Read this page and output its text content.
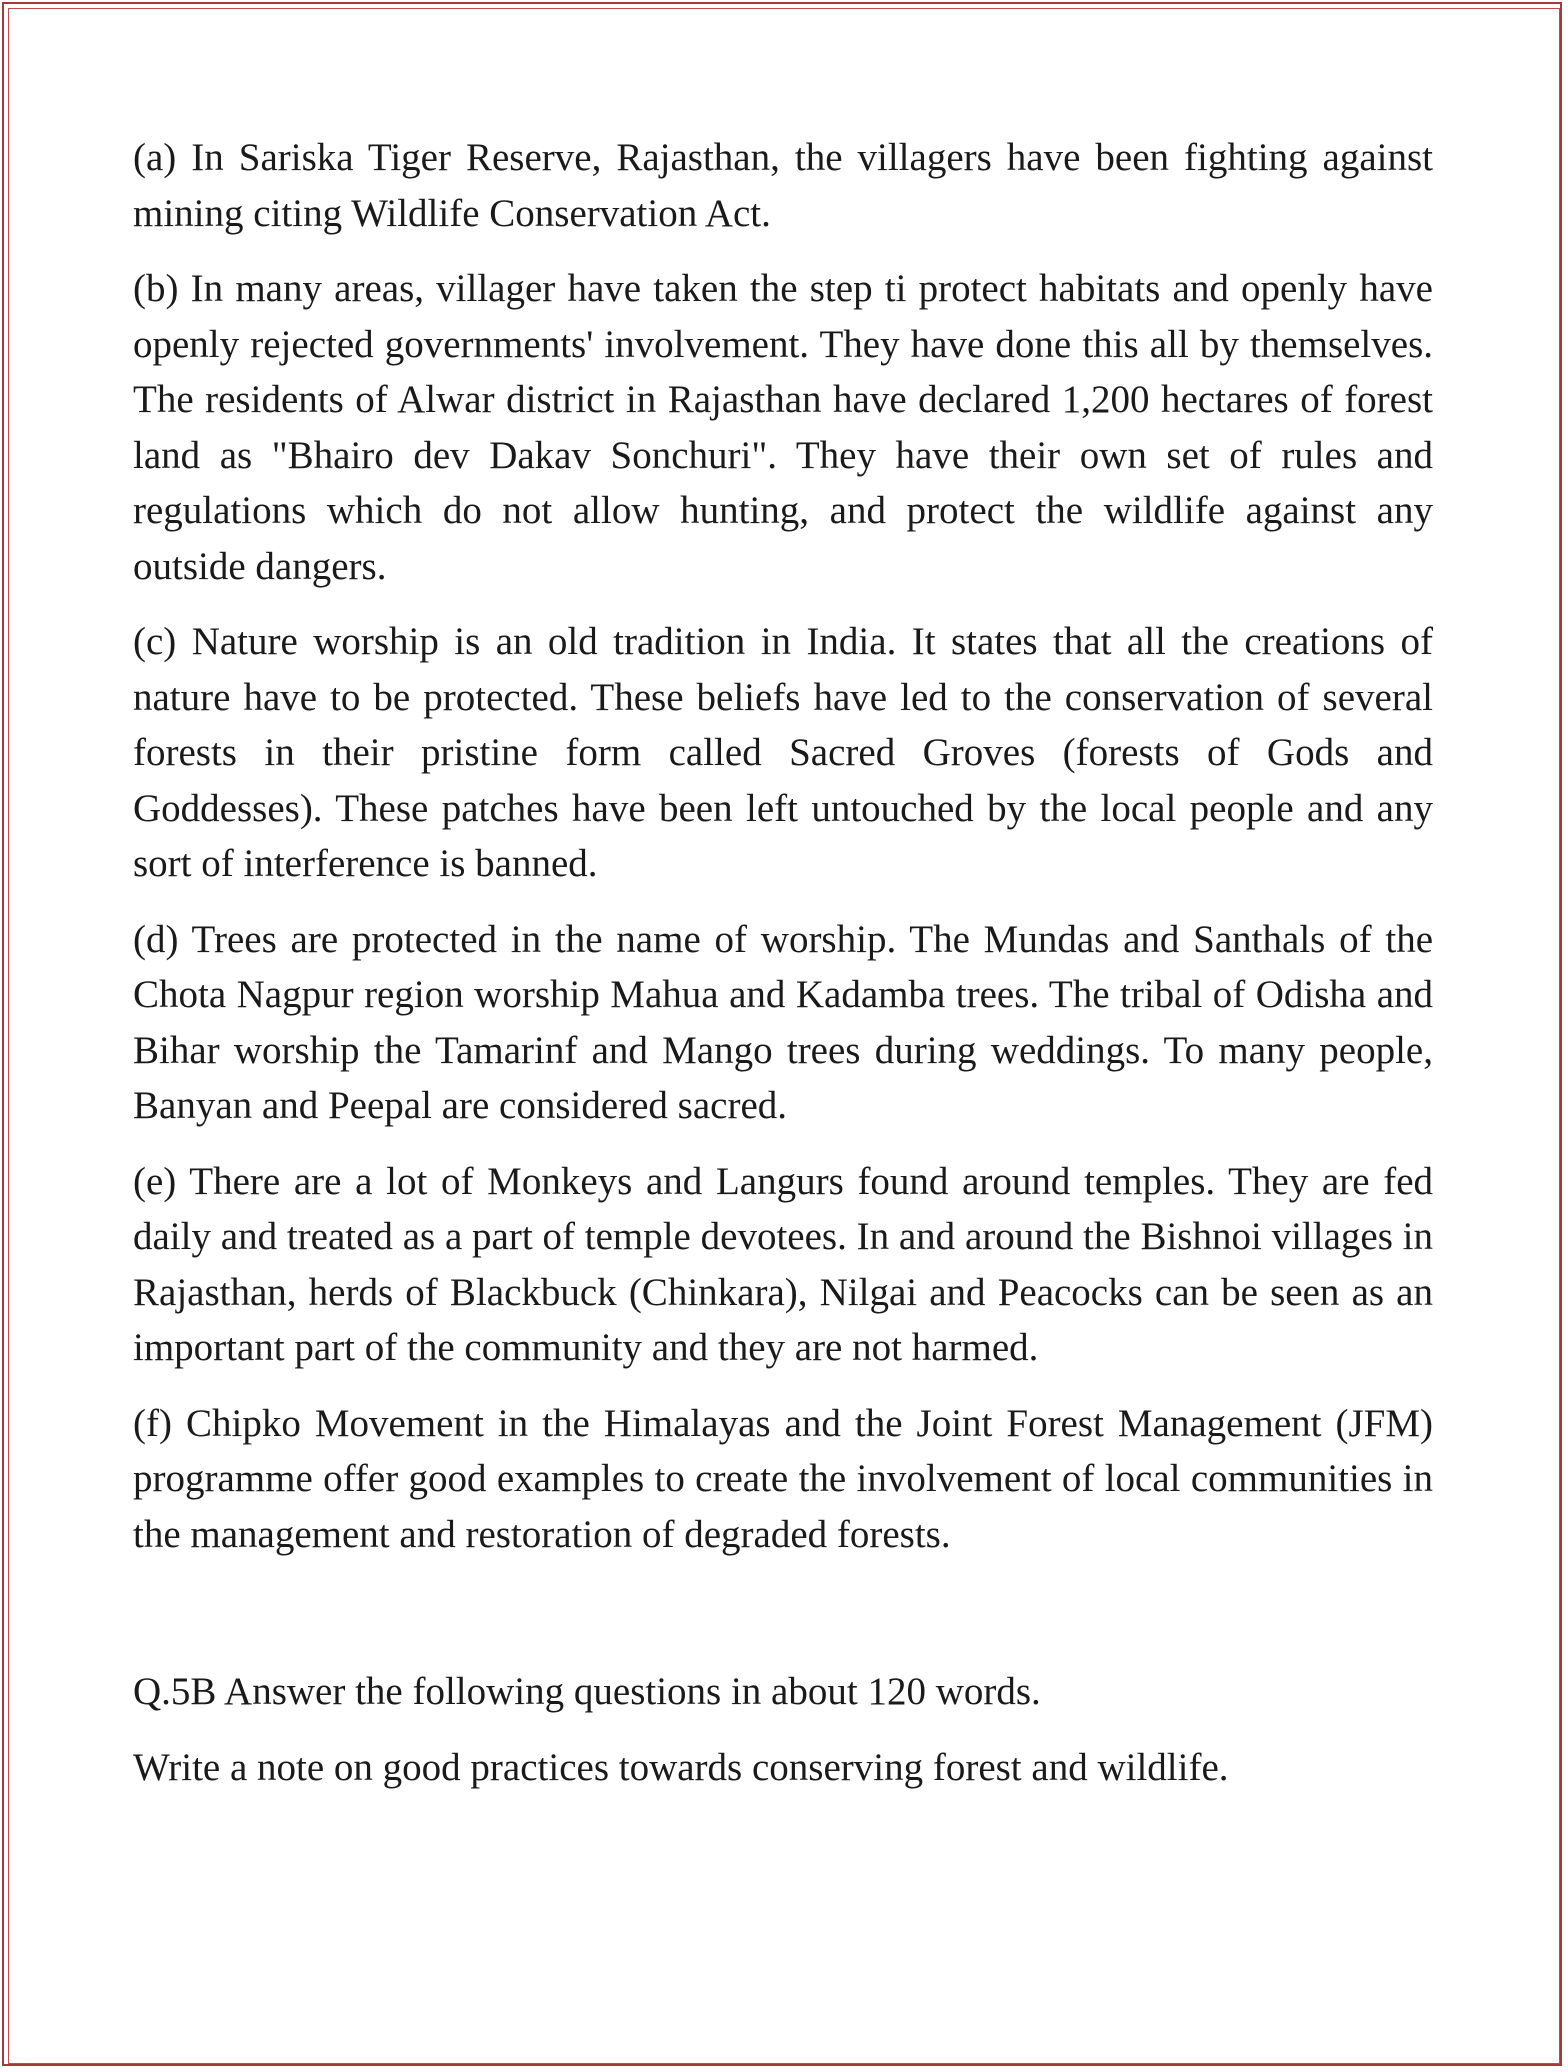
(a) In Sariska Tiger Reserve, Rajasthan, the villagers have been fighting against mining citing Wildlife Conservation Act.

(b) In many areas, villager have taken the step ti protect habitats and openly have openly rejected governments' involvement. They have done this all by themselves. The residents of Alwar district in Rajasthan have declared 1,200 hectares of forest land as "Bhairo dev Dakav Sonchuri". They have their own set of rules and regulations which do not allow hunting, and protect the wildlife against any outside dangers.

(c) Nature worship is an old tradition in India. It states that all the creations of nature have to be protected. These beliefs have led to the conservation of several forests in their pristine form called Sacred Groves (forests of Gods and Goddesses). These patches have been left untouched by the local people and any sort of interference is banned.

(d) Trees are protected in the name of worship. The Mundas and Santhals of the Chota Nagpur region worship Mahua and Kadamba trees. The tribal of Odisha and Bihar worship the Tamarinf and Mango trees during weddings. To many people, Banyan and Peepal are considered sacred.

(e) There are a lot of Monkeys and Langurs found around temples. They are fed daily and treated as a part of temple devotees. In and around the Bishnoi villages in Rajasthan, herds of Blackbuck (Chinkara), Nilgai and Peacocks can be seen as an important part of the community and they are not harmed.

(f) Chipko Movement in the Himalayas and the Joint Forest Management (JFM) programme offer good examples to create the involvement of local communities in the management and restoration of degraded forests.

Q.5B Answer the following questions in about 120 words.

Write a note on good practices towards conserving forest and wildlife.
